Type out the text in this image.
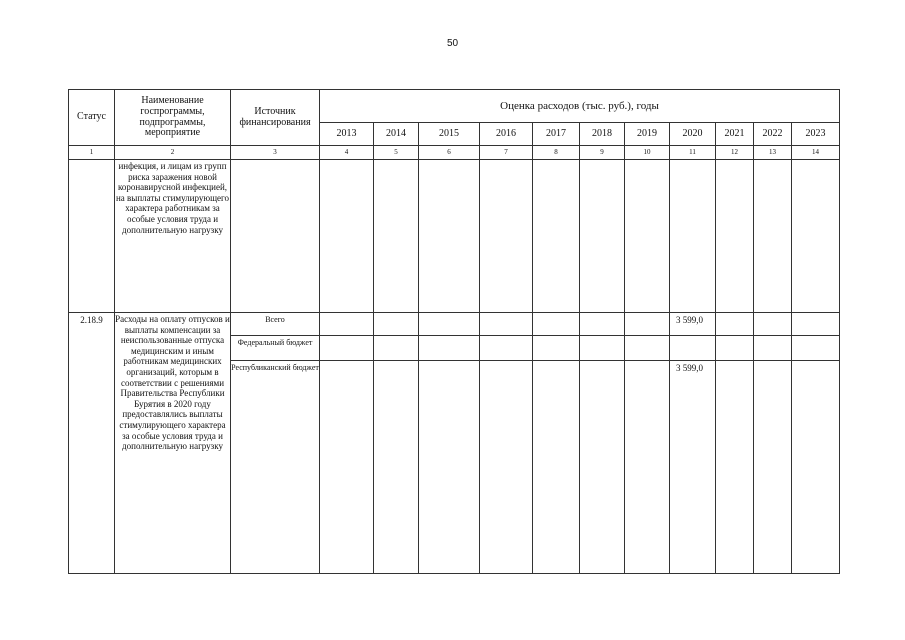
50
Статус	Наименование госпрограммы, подпрограммы, мероприятие	Источник финансирования	Оценка расходов (тыс. руб.), годы										
			2013	2014	2015	2016	2017	2018	2019	2020	2021	2022	2023
1	2	3	4	5	6	7	8	9	10	11	12	13	14

	инфекция, и лицам из групп риска заражения новой коронавирусной инфекцией, на выплаты стимулирующего характера работникам за особые условия труда и дополнительную нагрузку												

2.18.9	Расходы на оплату отпусков и выплаты компенсации за неиспользованные отпуска медицинским и иным работникам медицинских организаций, которым в соответствии с решениями Правительства Республики Бурятия в 2020 году предоставлялись выплаты стимулирующего характера за особые условия труда и дополнительную нагрузку	Всего								3 599,0			
		Федеральный бюджет											
		Республиканский бюджет								3 599,0			
